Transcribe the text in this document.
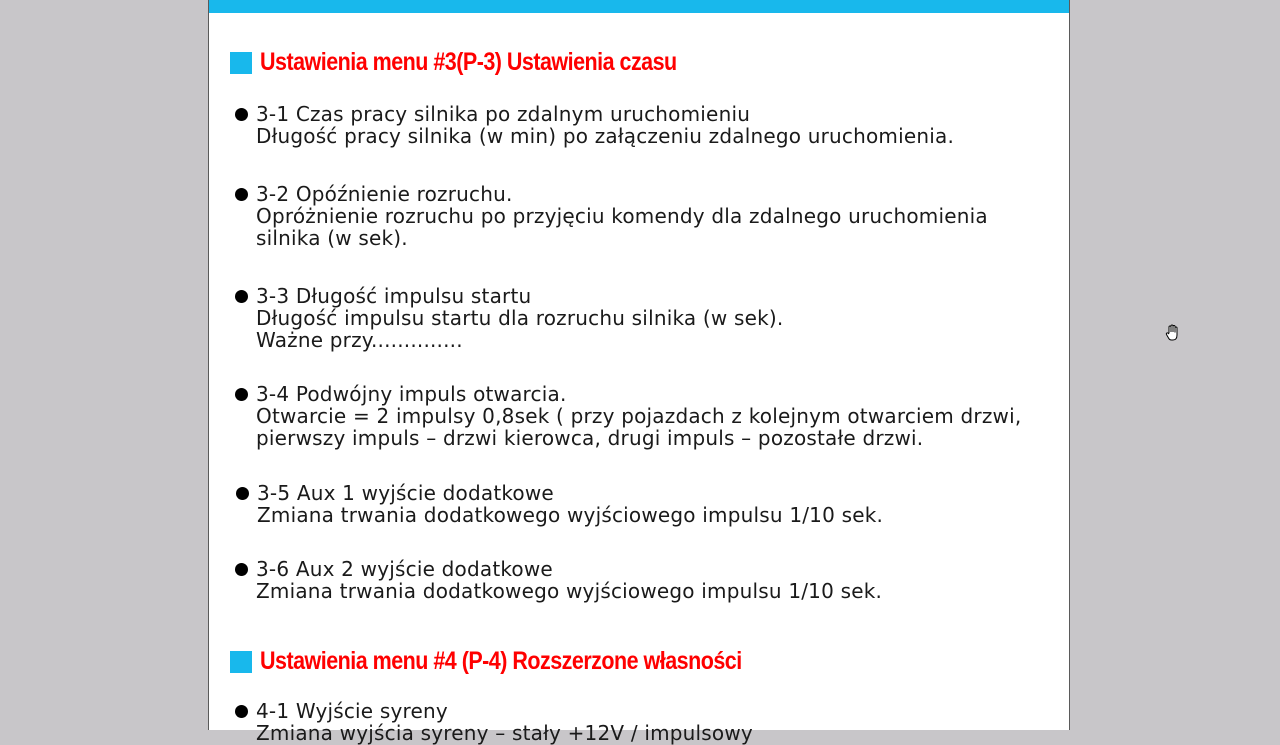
Ustawienia menu #3(P-3) Ustawienia czasu
3-1 Czas pracy silnika po zdalnym uruchomieniu
Długość pracy silnika (w min) po załączeniu zdalnego uruchomienia.
3-2 Opóźnienie rozruchu.
Opróżnienie rozruchu po przyjęciu komendy dla zdalnego uruchomienia
silnika (w sek).
3-3 Długość impulsu startu
Długość impulsu startu dla rozruchu silnika (w sek).
Ważne przy..............
3-4 Podwójny impuls otwarcia.
Otwarcie = 2 impulsy 0,8sek ( przy pojazdach z kolejnym otwarciem drzwi,
pierwszy impuls – drzwi kierowca, drugi impuls – pozostałe drzwi.
3-5 Aux 1 wyjście dodatkowe
Zmiana trwania dodatkowego wyjściowego impulsu 1/10 sek.
3-6 Aux 2 wyjście dodatkowe
Zmiana trwania dodatkowego wyjściowego impulsu 1/10 sek.
Ustawienia menu #4 (P-4) Rozszerzone własności
4-1 Wyjście syreny
Zmiana wyjścia syreny – stały +12V / impulsowy
